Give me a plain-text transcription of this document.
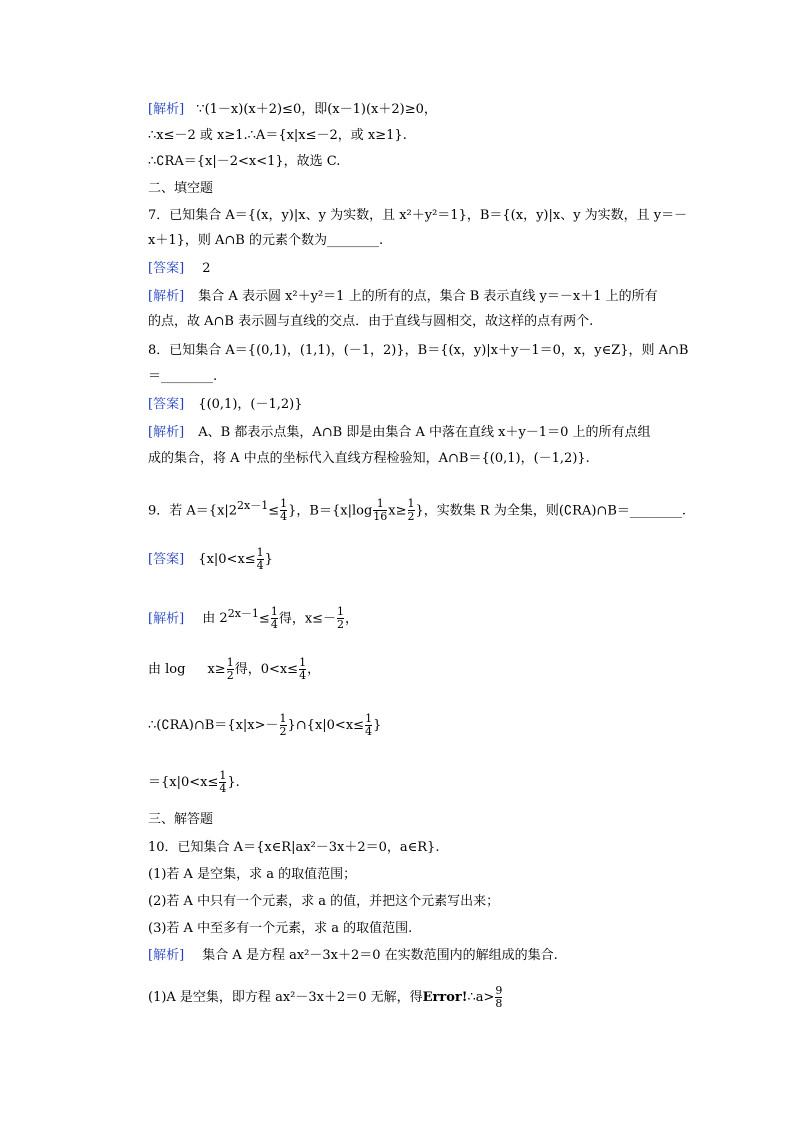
[解析] ∵(1－x)(x＋2)≤0，即(x－1)(x＋2)≥0，
∴x≤－2 或 x≥1.∴A＝{x|x≤－2，或 x≥1}.
∴∁RA＝{x|－2<x<1}，故选 C.
二、填空题
7．已知集合 A＝{(x，y)|x、y 为实数，且 x²＋y²＝1}，B＝{(x，y)|x、y 为实数，且 y＝－
x＋1}，则 A∩B 的元素个数为________.
[答案] 2
[解析] 集合 A 表示圆 x²＋y²＝1 上的所有的点，集合 B 表示直线 y＝－x＋1 上的所有
的点，故 A∩B 表示圆与直线的交点．由于直线与圆相交，故这样的点有两个.
8．已知集合 A＝{(0,1)，(1,1)，(－1，2)}，B＝{(x，y)|x＋y－1＝0，x，y∈Z}，则 A∩B
＝________.
[答案] {(0,1)，(－1,2)}
[解析] A、B 都表示点集，A∩B 即是由集合 A 中落在直线 x＋y－1＝0 上的所有点组
成的集合，将 A 中点的坐标代入直线方程检验知，A∩B＝{(0,1)，(－1,2)}.
9．若 $A=\{x|2^{2x-1}\le \frac{1}{4}$ }，$B=\{x|\log \frac{1}{16} x\ge \frac{1}{2}$ }，实数集 R 为全集，则(∁RA)∩B＝________.
[答案] {$x|0<x\le \frac{1}{4}$ }
[解析] 由 $2^{2x-1}\le \frac{1}{4}$ 得，$x\le- \frac{1}{2}$ ，
由 $\log x\ge \frac{1}{2}$ 得，$0<x\le \frac{1}{4}$ ，
∴(∁RA)∩B＝{x|x>－ $\frac{1}{2}$ }∩{x|0<x≤ $\frac{1}{4}$ }
$=\{x|0<x\le \frac{1}{4}$ }.
三、解答题
10．已知集合 A＝{x∈R|ax²－3x＋2＝0，a∈R}.
(1)若 A 是空集，求 a 的取值范围；
(2)若 A 中只有一个元素，求 a 的值，并把这个元素写出来；
(3)若 A 中至多有一个元素，求 a 的取值范围.
[解析] 集合 A 是方程 ax²－3x＋2＝0 在实数范围内的解组成的集合.
(1)A 是空集，即方程 ax²－3x＋2＝0 无解，得Error!∴a> $\frac{9}{8}$
